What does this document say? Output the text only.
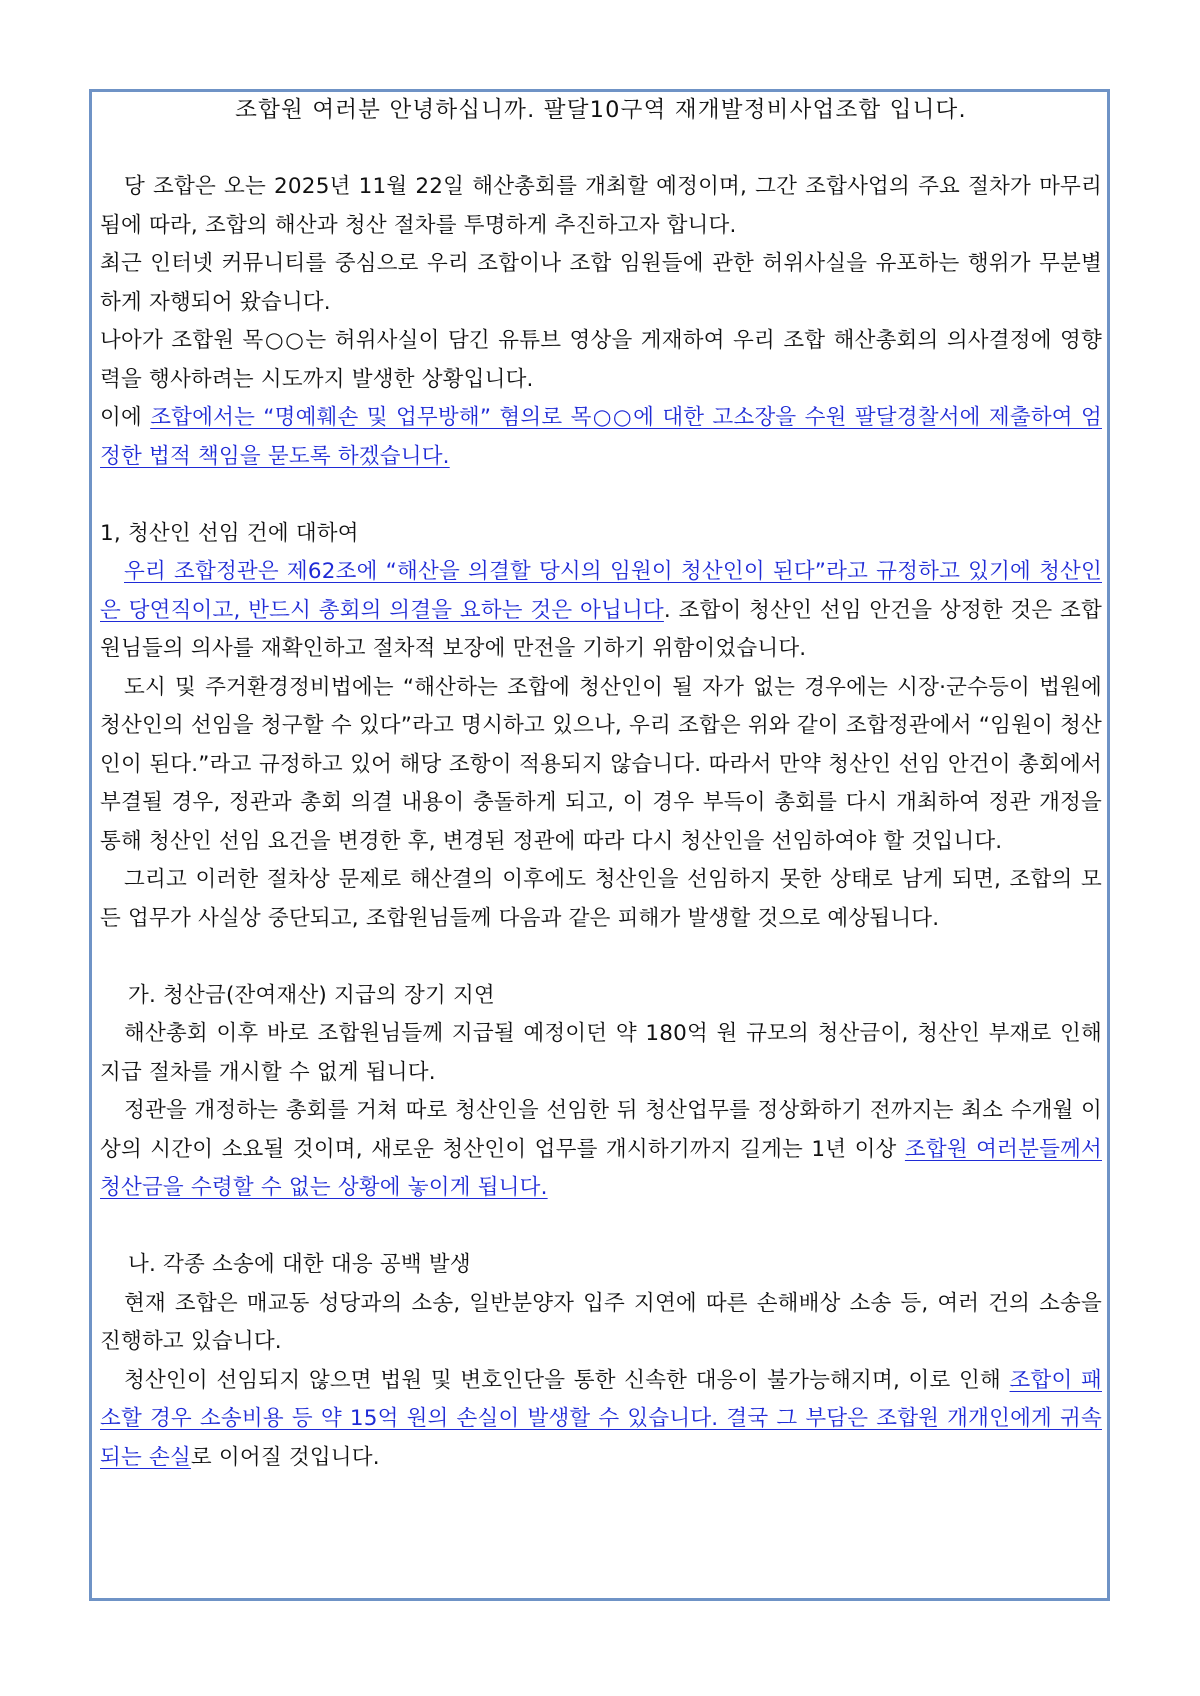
조합원 여러분 안녕하십니까. 팔달10구역 재개발정비사업조합 입니다.

당 조합은 오는 2025년 11월 22일 해산총회를 개최할 예정이며, 그간 조합사업의 주요 절차가 마무리됨에 따라, 조합의 해산과 청산 절차를 투명하게 추진하고자 합니다.

최근 인터넷 커뮤니티를 중심으로 우리 조합이나 조합 임원들에 관한 허위사실을 유포하는 행위가 무분별하게 자행되어 왔습니다.

나아가 조합원 목○○는 허위사실이 담긴 유튜브 영상을 게재하여 우리 조합 해산총회의 의사결정에 영향력을 행사하려는 시도까지 발생한 상황입니다.

이에 조합에서는 “명예훼손 및 업무방해” 혐의로 목○○에 대한 고소장을 수원 팔달경찰서에 제출하여 엄정한 법적 책임을 묻도록 하겠습니다.

1, 청산인 선임 건에 대하여

우리 조합정관은 제62조에 “해산을 의결할 당시의 임원이 청산인이 된다”라고 규정하고 있기에 청산인은 당연직이고, 반드시 총회의 의결을 요하는 것은 아닙니다. 조합이 청산인 선임 안건을 상정한 것은 조합원님들의 의사를 재확인하고 절차적 보장에 만전을 기하기 위함이었습니다.

도시 및 주거환경정비법에는 “해산하는 조합에 청산인이 될 자가 없는 경우에는 시장·군수등이 법원에 청산인의 선임을 청구할 수 있다”라고 명시하고 있으나, 우리 조합은 위와 같이 조합정관에서 “임원이 청산인이 된다.”라고 규정하고 있어 해당 조항이 적용되지 않습니다. 따라서 만약 청산인 선임 안건이 총회에서 부결될 경우, 정관과 총회 의결 내용이 충돌하게 되고, 이 경우 부득이 총회를 다시 개최하여 정관 개정을 통해 청산인 선임 요건을 변경한 후, 변경된 정관에 따라 다시 청산인을 선임하여야 할 것입니다.

그리고 이러한 절차상 문제로 해산결의 이후에도 청산인을 선임하지 못한 상태로 남게 되면, 조합의 모든 업무가 사실상 중단되고, 조합원님들께 다음과 같은 피해가 발생할 것으로 예상됩니다.

가. 청산금(잔여재산) 지급의 장기 지연

해산총회 이후 바로 조합원님들께 지급될 예정이던 약 180억 원 규모의 청산금이, 청산인 부재로 인해 지급 절차를 개시할 수 없게 됩니다.

정관을 개정하는 총회를 거쳐 따로 청산인을 선임한 뒤 청산업무를 정상화하기 전까지는 최소 수개월 이상의 시간이 소요될 것이며, 새로운 청산인이 업무를 개시하기까지 길게는 1년 이상 조합원 여러분들께서 청산금을 수령할 수 없는 상황에 놓이게 됩니다.

나. 각종 소송에 대한 대응 공백 발생

현재 조합은 매교동 성당과의 소송, 일반분양자 입주 지연에 따른 손해배상 소송 등, 여러 건의 소송을 진행하고 있습니다.

청산인이 선임되지 않으면 법원 및 변호인단을 통한 신속한 대응이 불가능해지며, 이로 인해 조합이 패소할 경우 소송비용 등 약 15억 원의 손실이 발생할 수 있습니다. 결국 그 부담은 조합원 개개인에게 귀속되는 손실로 이어질 것입니다.
